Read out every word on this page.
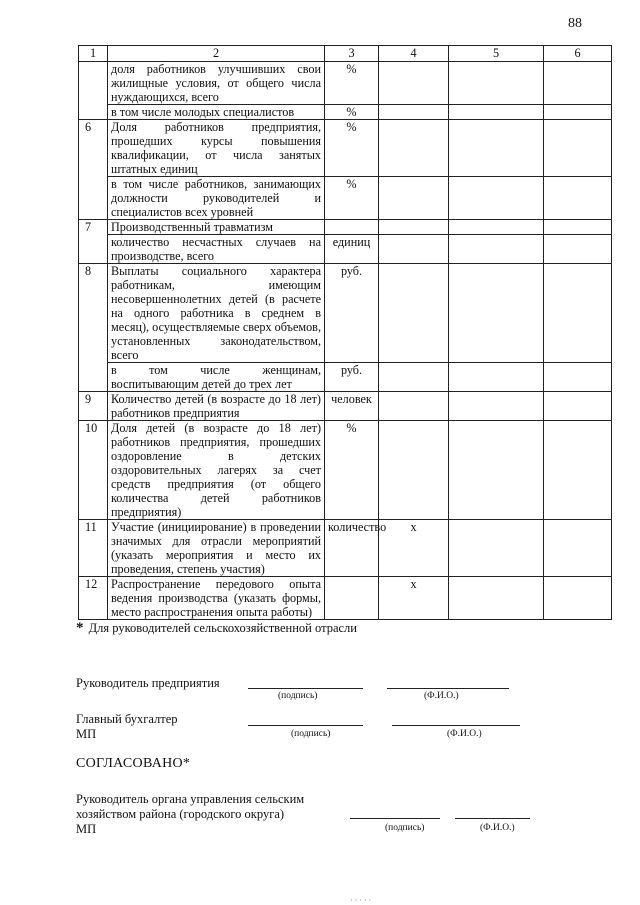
88
1	2	3	4	5	6
	доля работников улучшивших свои жилищные условия, от общего числа нуждающихся, всего	%			
	в том числе молодых специалистов	%			
6	Доля работников предприятия, прошедших курсы повышения квалификации, от числа занятых штатных единиц	%			
	в том числе работников, занимающих должности руководителей и специалистов всех уровней	%			
7	Производственный травматизм				
	количество несчастных случаев на производстве, всего	единиц			
8	Выплаты социального характера работникам, имеющим несовершеннолетних детей (в расчете на одного работника в среднем в месяц), осуществляемые сверх объемов, установленных законодательством, всего	руб.			
	в том числе женщинам, воспитывающим детей до трех лет	руб.			
9	Количество детей (в возрасте до 18 лет) работников предприятия	человек			
10	Доля детей (в возрасте до 18 лет) работников предприятия, прошедших оздоровление в детских оздоровительных лагерях за счет средств предприятия (от общего количества детей работников предприятия)	%			
11	Участие (инициирование) в проведении значимых для отрасли мероприятий (указать мероприятия и место их проведения, степень участия)	количество	х		
12	Распространение передового опыта ведения производства (указать формы, место распространения опыта работы)		х		
* Для руководителей сельскохозяйственной отрасли
Руководитель предприятия
(подпись)	(Ф.И.О.)
Главный бухгалтер
МП	(подпись)	(Ф.И.О.)
СОГЛАСОВАНО*
Руководитель органа управления сельским
хозяйством района (городского округа)
МП	(подпись)	(Ф.И.О.)
· · · · ·
